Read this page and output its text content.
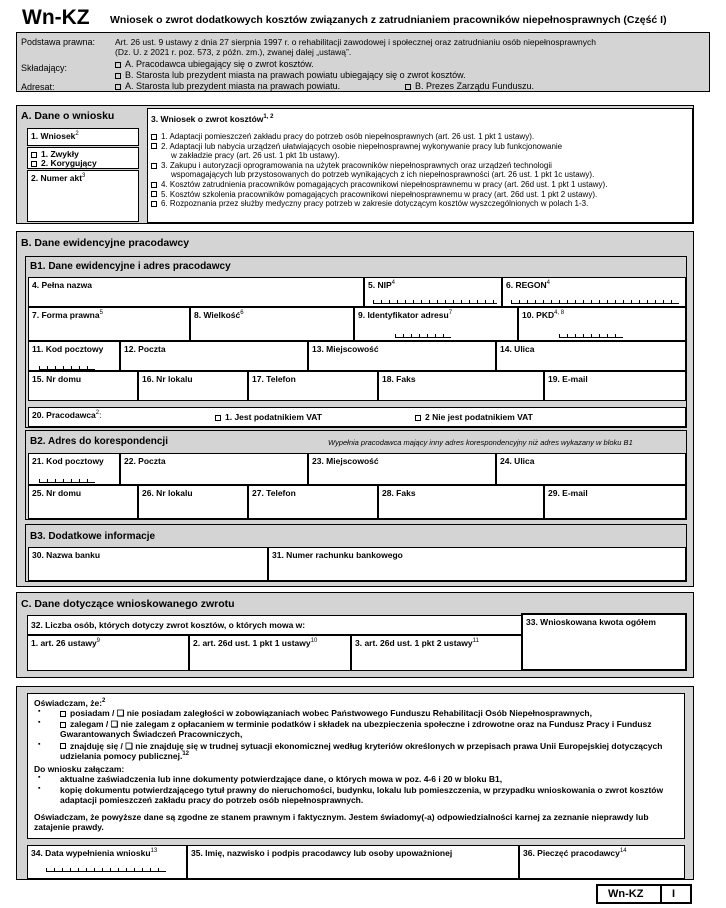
Wn-KZ Wniosek o zwrot dodatkowych kosztów związanych z zatrudnianiem pracowników niepełnosprawnych (Część I)
Podstawa prawna: Art. 26 ust. 9 ustawy z dnia 27 sierpnia 1997 r. o rehabilitacji zawodowej i społecznej oraz zatrudnianiu osób niepełnosprawnych
(Dz. U. z 2021 r. poz. 573, z późn. zm.), zwanej dalej „ustawą”.
Składający:	A. Pracodawca ubiegający się o zwrot kosztów.
B. Starosta lub prezydent miasta na prawach powiatu ubiegający się o zwrot kosztów.
Adresat:	A. Starosta lub prezydent miasta na prawach powiatu.	B. Prezes Zarządu Funduszu.
A. Dane o wniosku
1. Wniosek$^2$
1. Zwykły
2. Korygujący
2. Numer akt$^3$
3. Wniosek o zwrot kosztów$^{1, 2}$
1. Adaptacji pomieszczeń zakładu pracy do potrzeb osób niepełnosprawnych (art. 26 ust. 1 pkt 1 ustawy).
2. Adaptacji lub nabycia urządzeń ułatwiających osobie niepełnosprawnej wykonywanie pracy lub funkcjonowanie
w zakładzie pracy (art. 26 ust. 1 pkt 1b ustawy).
3. Zakupu i autoryzacji oprogramowania na użytek pracowników niepełnosprawnych oraz urządzeń technologii
wspomagających lub przystosowanych do potrzeb wynikających z ich niepełnosprawności (art. 26 ust. 1 pkt 1c ustawy).
4. Kosztów zatrudnienia pracowników pomagających pracownikowi niepełnosprawnemu w pracy (art. 26d ust. 1 pkt 1 ustawy).
5. Kosztów szkolenia pracowników pomagających pracownikowi niepełnosprawnemu w pracy (art. 26d ust. 1 pkt 2 ustawy).
6. Rozpoznania przez służby medyczny pracy potrzeb w zakresie dotyczącym kosztów wyszczególnionych w polach 1-3.
B. Dane ewidencyjne pracodawcy
B1. Dane ewidencyjne i adres pracodawcy
4. Pełna nazwa	5. NIP$^4$	6. REGON$^4$
7. Forma prawna$^5$	8. Wielkość$^6$	9. Identyfikator adresu$^7$	10. PKD$^{4, 8}$
11. Kod pocztowy	12. Poczta	13. Miejscowość	14. Ulica
15. Nr domu	16. Nr lokalu	17. Telefon	18. Faks	19. E-mail
20. Pracodawca$^2$:	1. Jest podatnikiem VAT	2 Nie jest podatnikiem VAT
B2. Adres do korespondencji	Wypełnia pracodawca mający inny adres korespondencyjny niż adres wykazany w bloku B1
21. Kod pocztowy	22. Poczta	23. Miejscowość	24. Ulica
25. Nr domu	26. Nr lokalu	27. Telefon	28. Faks	29. E-mail
B3. Dodatkowe informacje
30. Nazwa banku	31. Numer rachunku bankowego
C. Dane dotyczące wnioskowanego zwrotu
32. Liczba osób, których dotyczy zwrot kosztów, o których mowa w:
1. art. 26 ustawy$^9$	2. art. 26d ust. 1 pkt 1 ustawy$^{10}$	3. art. 26d ust. 1 pkt 2 ustawy$^{11}$
33. Wnioskowana kwota ogółem
Oświadczam, że:$^2$
▪ posiadam / ❑ nie posiadam zaległości w zobowiązaniach wobec Państwowego Funduszu Rehabilitacji Osób Niepełnosprawnych,
▪ zalegam / ❑ nie zalegam z opłacaniem w terminie podatków i składek na ubezpieczenia społeczne i zdrowotne oraz na Fundusz Pracy i Fundusz Gwarantowanych Świadczeń Pracowniczych,
▪ znajduję się / ❑ nie znajduję się w trudnej sytuacji ekonomicznej według kryteriów określonych w przepisach prawa Unii Europejskiej dotyczących udzielania pomocy publicznej.$^{12}$
Do wniosku załączam:
▪ aktualne zaświadczenia lub inne dokumenty potwierdzające dane, o których mowa w poz. 4-6 i 20 w bloku B1,
▪ kopię dokumentu potwierdzającego tytuł prawny do nieruchomości, budynku, lokalu lub pomieszczenia, w przypadku wnioskowania o zwrot kosztów adaptacji pomieszczeń zakładu pracy do potrzeb osób niepełnosprawnych.
Oświadczam, że powyższe dane są zgodne ze stanem prawnym i faktycznym. Jestem świadomy(-a) odpowiedzialności karnej za zeznanie nieprawdy lub zatajenie prawdy.
34. Data wypełnienia wniosku$^{13}$	35. Imię, nazwisko i podpis pracodawcy lub osoby upoważnionej	36. Pieczęć pracodawcy$^{14}$
Wn-KZ	I
